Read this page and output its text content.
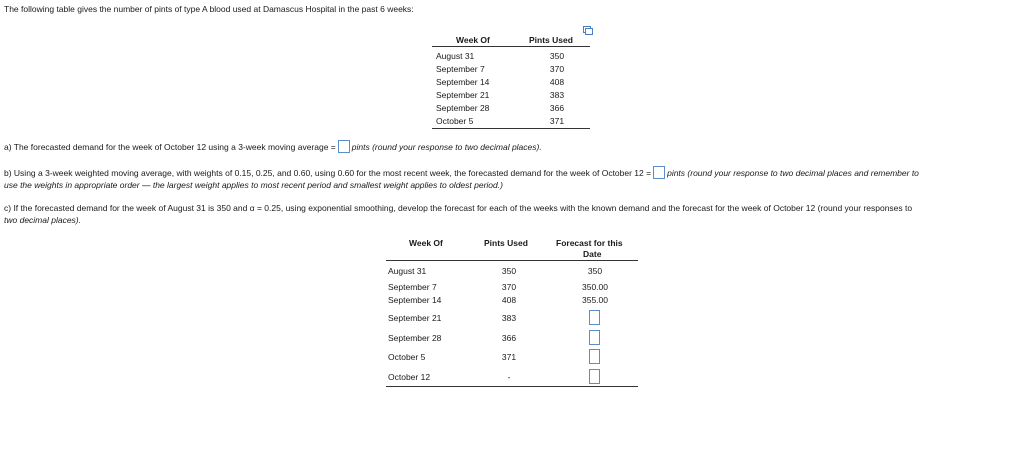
The following table gives the number of pints of type A blood used at Damascus Hospital in the past 6 weeks:
Week Of	Pints Used
August 31	350
September 7	370
September 14	408
September 21	383
September 28	366
October 5	371
a) The forecasted demand for the week of October 12 using a 3-week moving average = pints (round your response to two decimal places).
b) Using a 3-week weighted moving average, with weights of 0.15, 0.25, and 0.60, using 0.60 for the most recent week, the forecasted demand for the week of October 12 = pints (round your response to two decimal places and remember to
use the weights in appropriate order — the largest weight applies to most recent period and smallest weight applies to oldest period.)
c) If the forecasted demand for the week of August 31 is 350 and α = 0.25, using exponential smoothing, develop the forecast for each of the weeks with the known demand and the forecast for the week of October 12 (round your responses to
two decimal places).
Week Of	Pints Used	Forecast for this
Date
August 31	350	350
September 7	370	350.00
September 14	408	355.00
September 21	383
September 28	366
October 5	371
October 12	-
